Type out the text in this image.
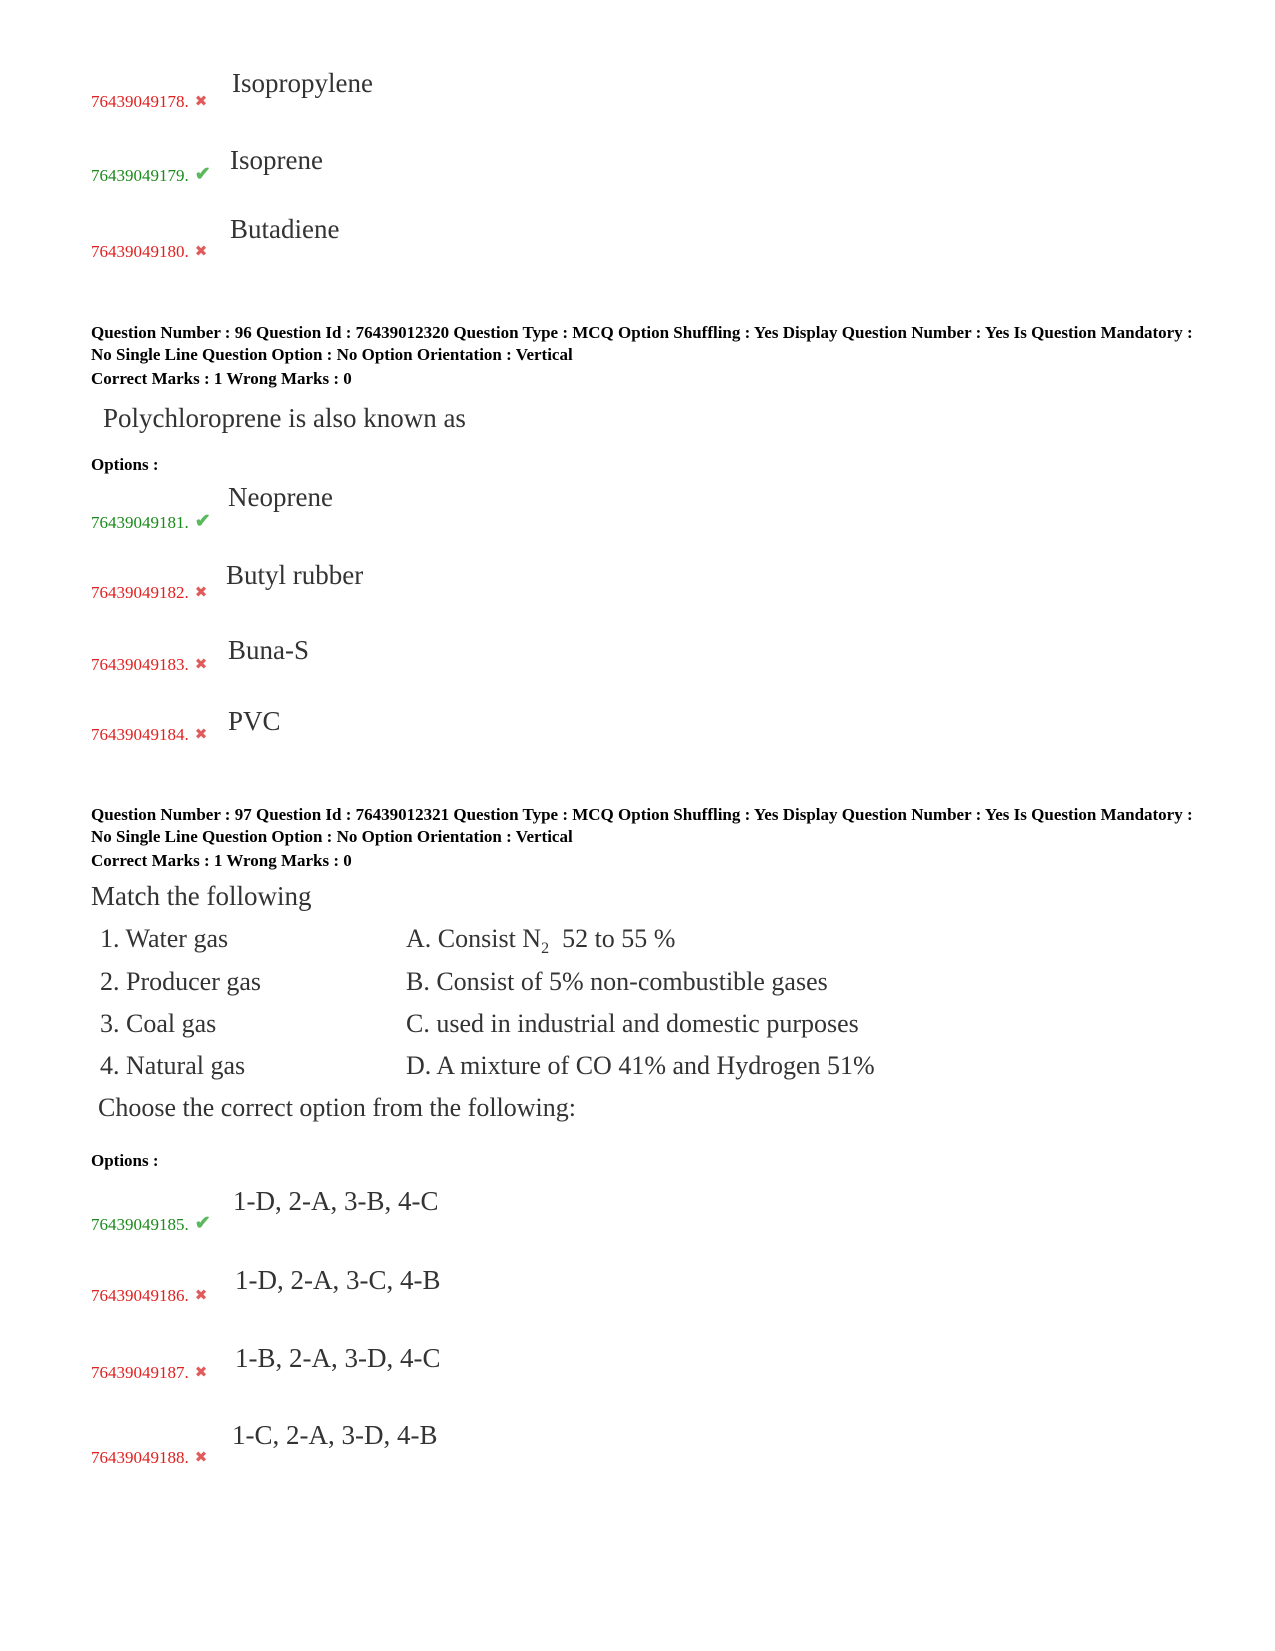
76439049178. ✖
Isopropylene
76439049179. ✔ Isoprene
76439049180. ✖
Butadiene
Question Number : 96 Question Id : 76439012320 Question Type : MCQ Option Shuffling : Yes Display Question Number : Yes Is Question Mandatory : No Single Line Question Option : No Option Orientation : Vertical
Correct Marks : 1 Wrong Marks : 0
Polychloroprene is also known as
Options :
76439049181. ✔
Neoprene
76439049182. ✖
Butyl rubber
76439049183. ✖ Buna-S
76439049184. ✖ PVC
Question Number : 97 Question Id : 76439012321 Question Type : MCQ Option Shuffling : Yes Display Question Number : Yes Is Question Mandatory : No Single Line Question Option : No Option Orientation : Vertical
Correct Marks : 1 Wrong Marks : 0
Match the following
1. Water gas
2. Producer gas
3. Coal gas
4. Natural gas
A. Consist $N_2$ 52 to 55 %
B. Consist of 5% non-combustible gases
C. used in industrial and domestic purposes
D. A mixture of CO 41% and Hydrogen 51%
Choose the correct option from the following:
Options :
76439049185. ✔
1-D, 2-A, 3-B, 4-C
76439049186. ✖
1-D, 2-A, 3-C, 4-B
76439049187. ✖ 1-B, 2-A, 3-D, 4-C
76439049188. ✖
1-C, 2-A, 3-D, 4-B
